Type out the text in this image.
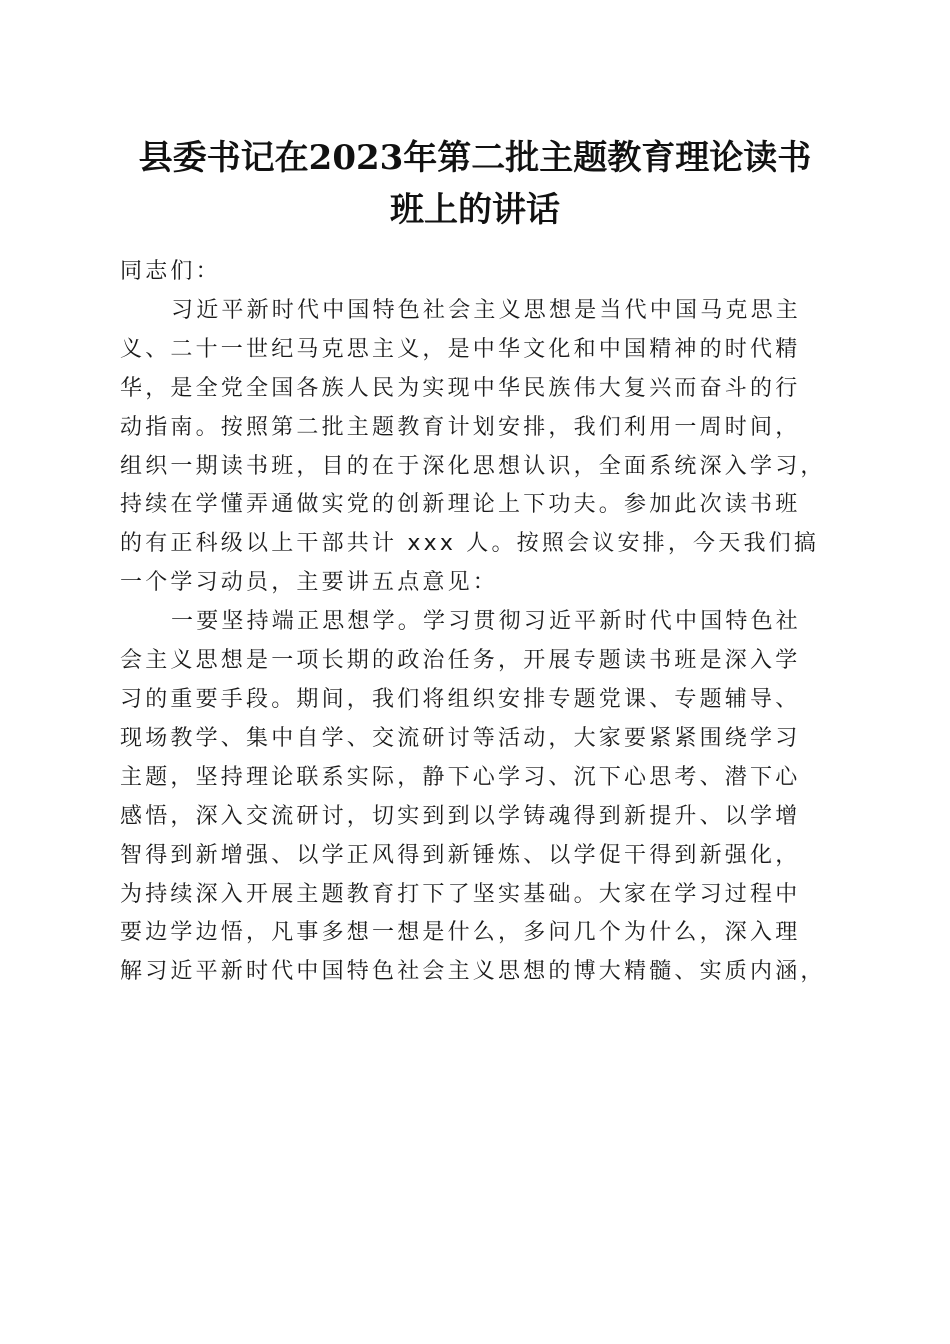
县委书记在2023年第二批主题教育理论读书
班上的讲话
同志们：
习近平新时代中国特色社会主义思想是当代中国马克思主
义、二十一世纪马克思主义，是中华文化和中国精神的时代精
华，是全党全国各族人民为实现中华民族伟大复兴而奋斗的行
动指南。按照第二批主题教育计划安排，我们利用一周时间，
组织一期读书班，目的在于深化思想认识，全面系统深入学习，
持续在学懂弄通做实党的创新理论上下功夫。参加此次读书班
的有正科级以上干部共计 xxx 人。按照会议安排，今天我们搞
一个学习动员，主要讲五点意见：
一要坚持端正思想学。学习贯彻习近平新时代中国特色社
会主义思想是一项长期的政治任务，开展专题读书班是深入学
习的重要手段。期间，我们将组织安排专题党课、专题辅导、
现场教学、集中自学、交流研讨等活动，大家要紧紧围绕学习
主题，坚持理论联系实际，静下心学习、沉下心思考、潜下心
感悟，深入交流研讨，切实到到以学铸魂得到新提升、以学增
智得到新增强、以学正风得到新锤炼、以学促干得到新强化，
为持续深入开展主题教育打下了坚实基础。大家在学习过程中
要边学边悟，凡事多想一想是什么，多问几个为什么，深入理
解习近平新时代中国特色社会主义思想的博大精髓、实质内涵，
